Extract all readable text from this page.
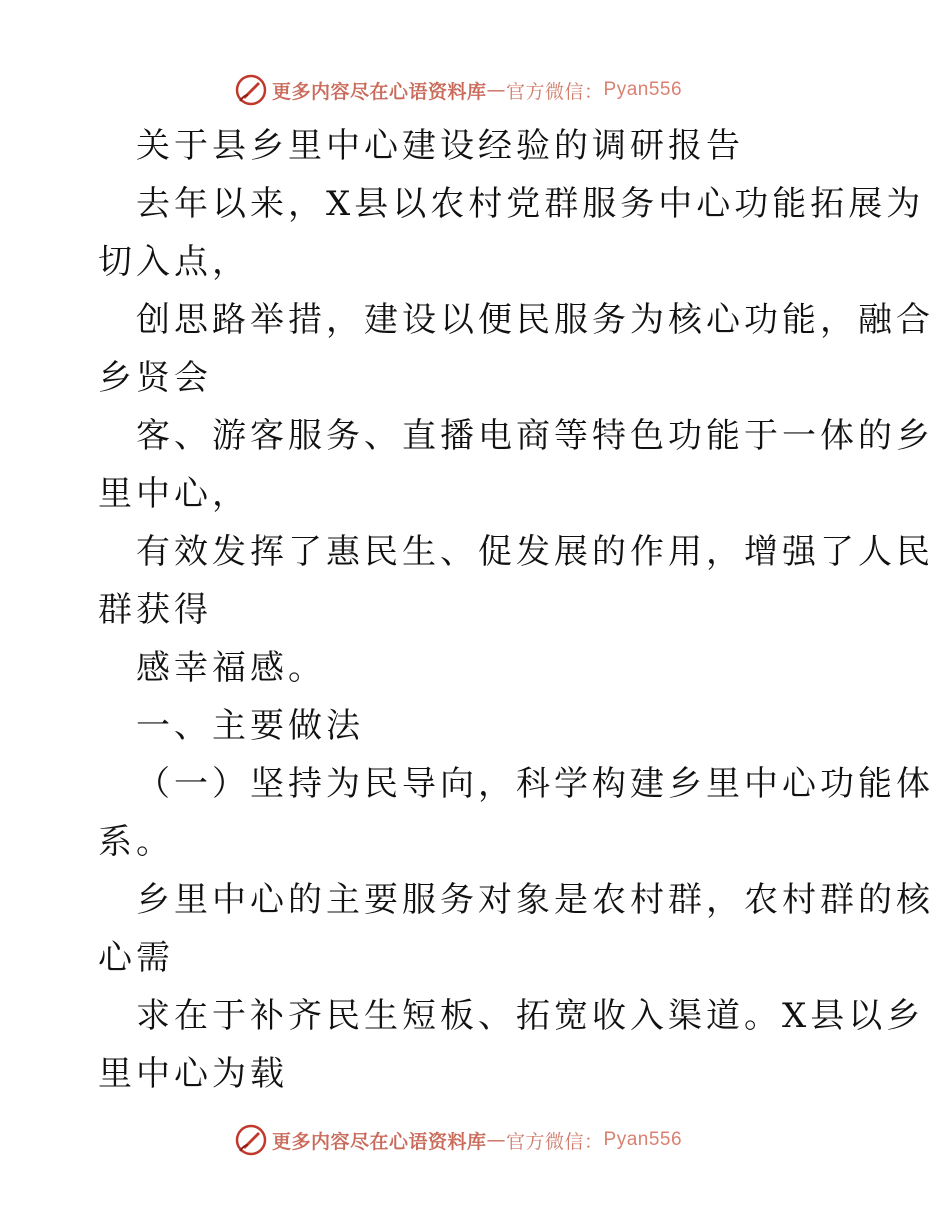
更多内容尽在心语资料库 — 官方微信： Pyan556
关于县乡里中心建设经验的调研报告
去年以来，X县以农村党群服务中心功能拓展为
切入点，
创思路举措，建设以便民服务为核心功能，融合
乡贤会
客、游客服务、直播电商等特色功能于一体的乡
里中心，
有效发挥了惠民生、促发展的作用，增强了人民
群获得
感幸福感。
一、主要做法
（一）坚持为民导向，科学构建乡里中心功能体
系。
乡里中心的主要服务对象是农村群，农村群的核
心需
求在于补齐民生短板、拓宽收入渠道。X县以乡
里中心为载
更多内容尽在心语资料库 — 官方微信： Pyan556
